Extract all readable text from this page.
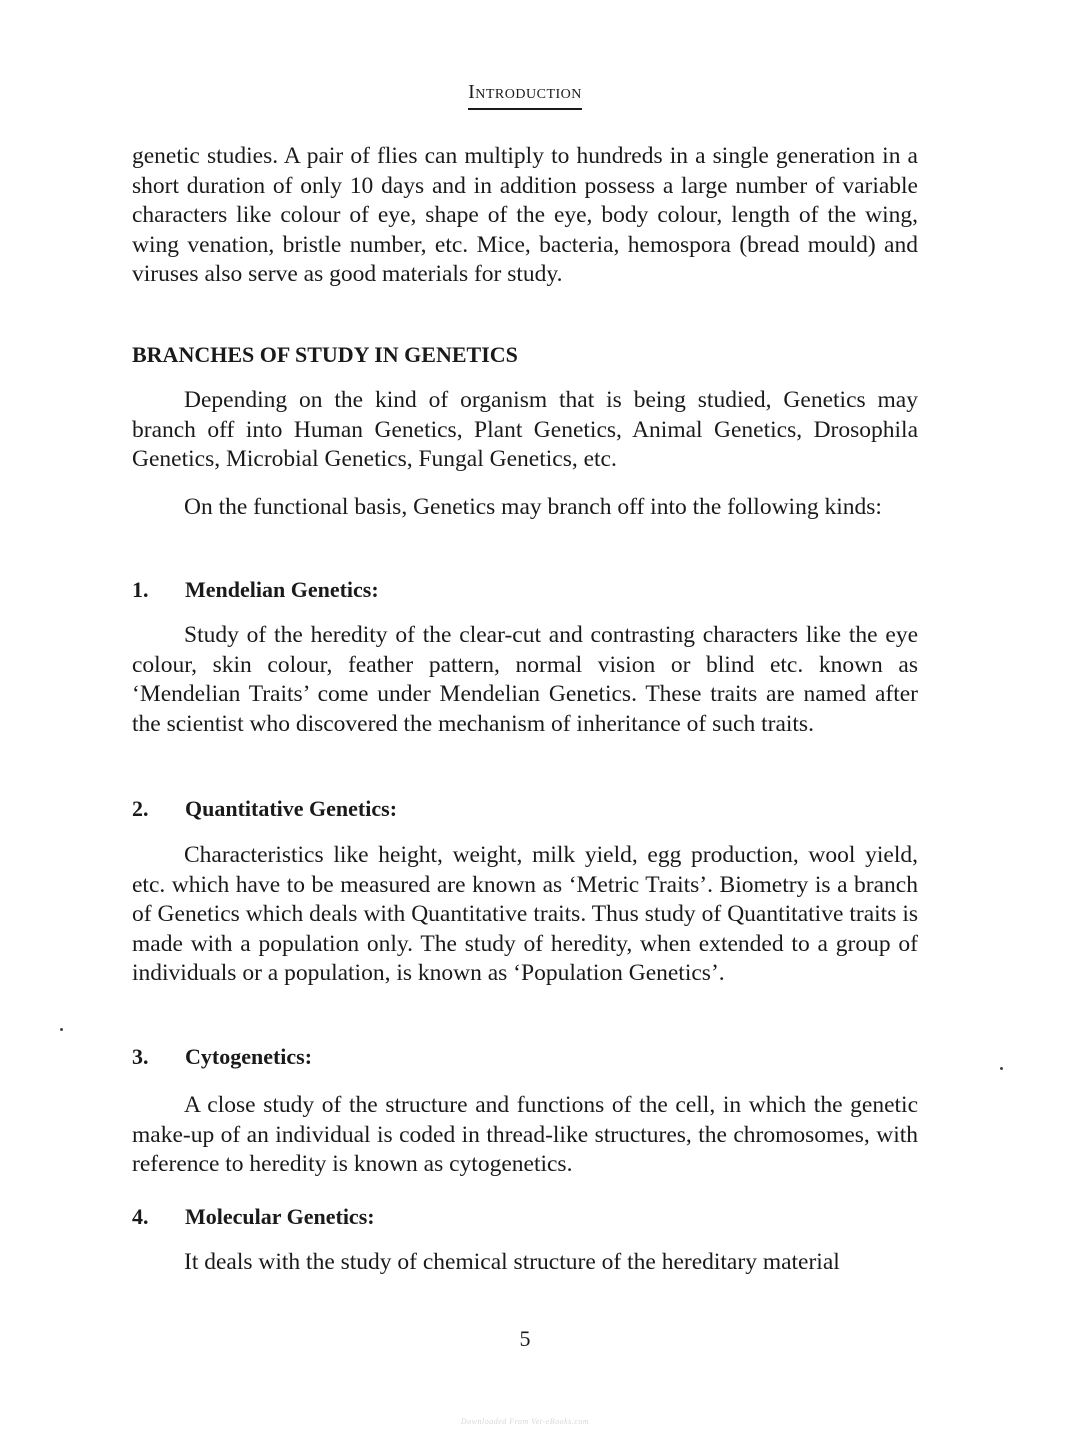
Introduction

genetic studies. A pair of flies can multiply to hundreds in a single generation in a short duration of only 10 days and in addition possess a large number of variable characters like colour of eye, shape of the eye, body colour, length of the wing, wing venation, bristle number, etc. Mice, bacteria, hemospora (bread mould) and viruses also serve as good materials for study.

BRANCHES OF STUDY IN GENETICS

Depending on the kind of organism that is being studied, Genetics may branch off into Human Genetics, Plant Genetics, Animal Genetics, Drosophila Genetics, Microbial Genetics, Fungal Genetics, etc.

On the functional basis, Genetics may branch off into the following kinds:

1. Mendelian Genetics:

Study of the heredity of the clear-cut and contrasting characters like the eye colour, skin colour, feather pattern, normal vision or blind etc. known as ‘Mendelian Traits’ come under Mendelian Genetics. These traits are named after the scientist who discovered the mechanism of inheritance of such traits.

2. Quantitative Genetics:

Characteristics like height, weight, milk yield, egg production, wool yield, etc. which have to be measured are known as ‘Metric Traits’. Biometry is a branch of Genetics which deals with Quantitative traits. Thus study of Quantitative traits is made with a population only. The study of heredity, when extended to a group of individuals or a population, is known as ‘Population Genetics’.

3. Cytogenetics:

A close study of the structure and functions of the cell, in which the genetic make-up of an individual is coded in thread-like structures, the chromosomes, with reference to heredity is known as cytogenetics.

4. Molecular Genetics:

It deals with the study of chemical structure of the hereditary material

5
Downloaded From Vet-eBooks.com
